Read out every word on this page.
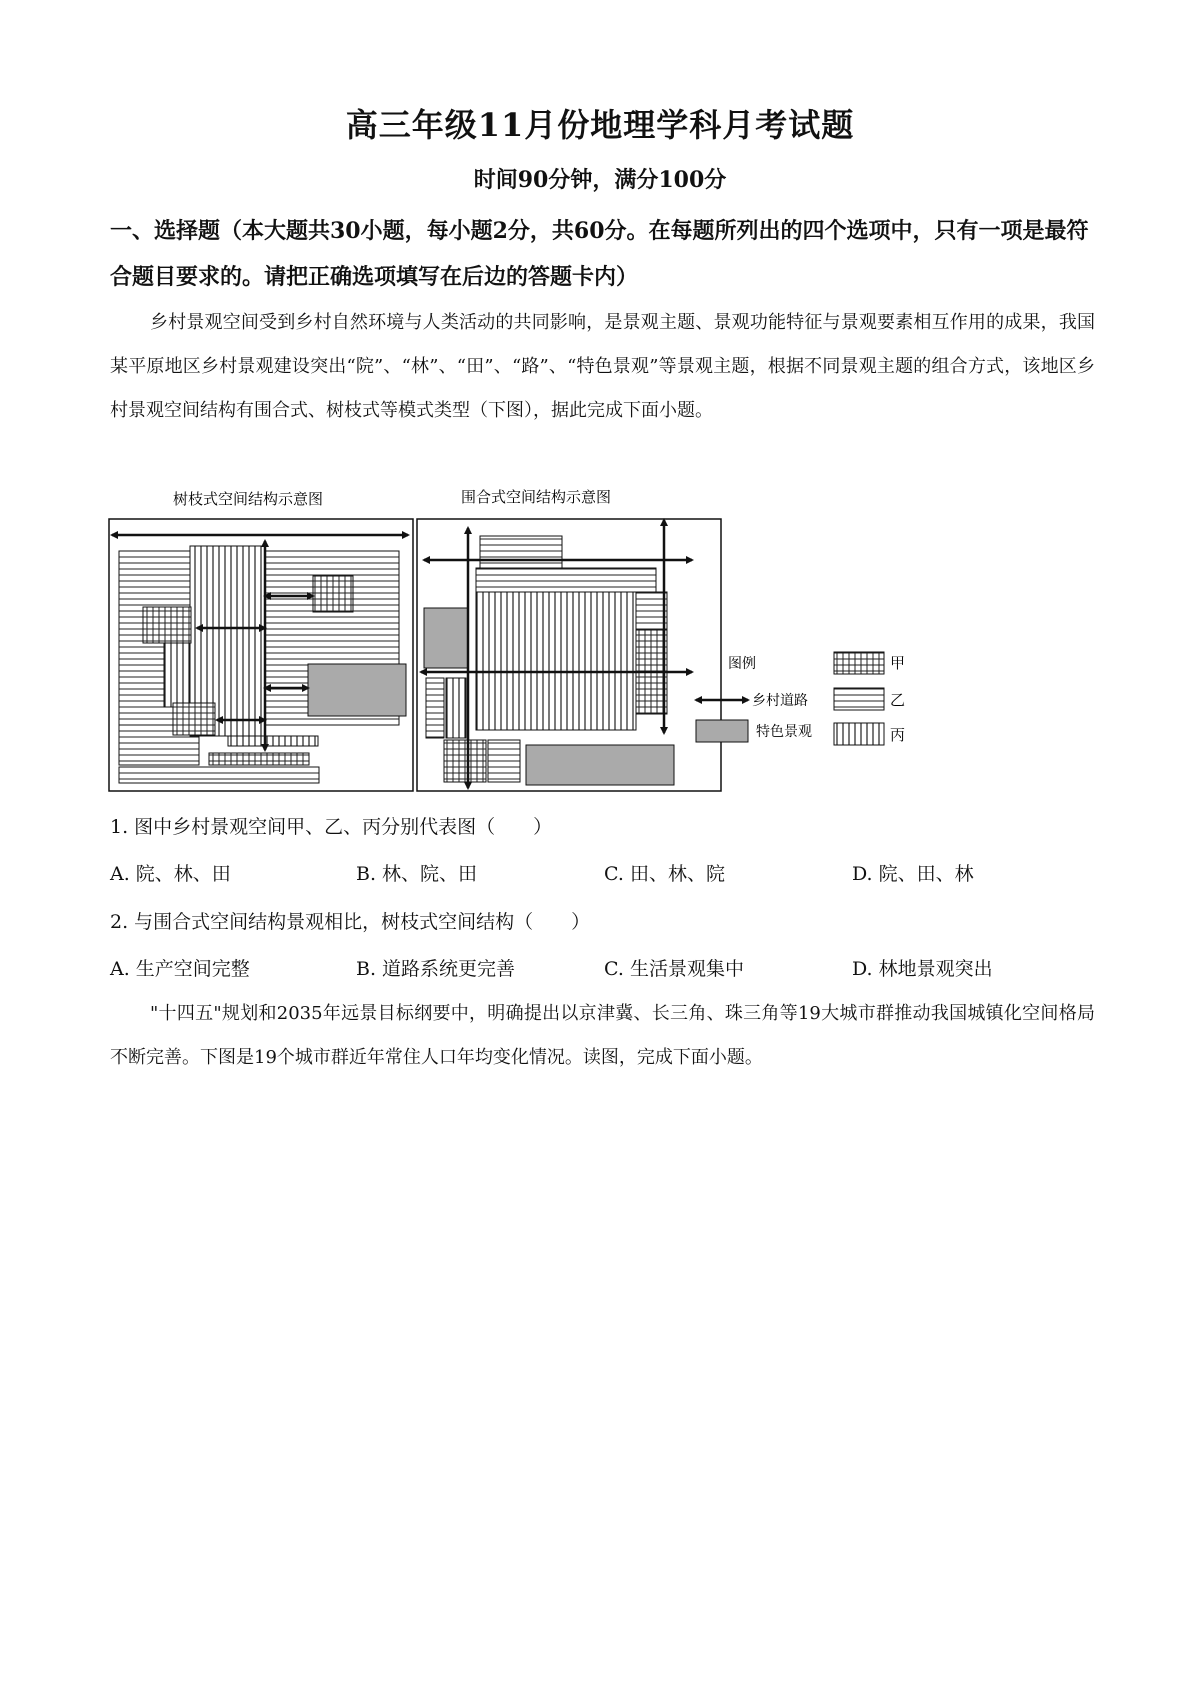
高三年级11月份地理学科月考试题
时间90分钟，满分100分
一、选择题（本大题共30小题，每小题2分，共60分。在每题所列出的四个选项中，只有一项是最符合题目要求的。请把正确选项填写在后边的答题卡内）
乡村景观空间受到乡村自然环境与人类活动的共同影响，是景观主题、景观功能特征与景观要素相互作用的成果，我国某平原地区乡村景观建设突出“院”、“林”、“田”、“路”、“特色景观”等景观主题，根据不同景观主题的组合方式，该地区乡村景观空间结构有围合式、树枝式等模式类型（下图），据此完成下面小题。
树枝式空间结构示意图	围合式空间结构示意图
图例	甲
乡村道路	乙
特色景观	丙
1. 图中乡村景观空间甲、乙、丙分别代表图（　　）
A. 院、林、田	B. 林、院、田	C. 田、林、院	D. 院、田、林
2. 与围合式空间结构景观相比，树枝式空间结构（　　）
A. 生产空间完整	B. 道路系统更完善	C. 生活景观集中	D. 林地景观突出
"十四五"规划和2035年远景目标纲要中，明确提出以京津冀、长三角、珠三角等19大城市群推动我国城镇化空间格局不断完善。下图是19个城市群近年常住人口年均变化情况。读图，完成下面小题。
